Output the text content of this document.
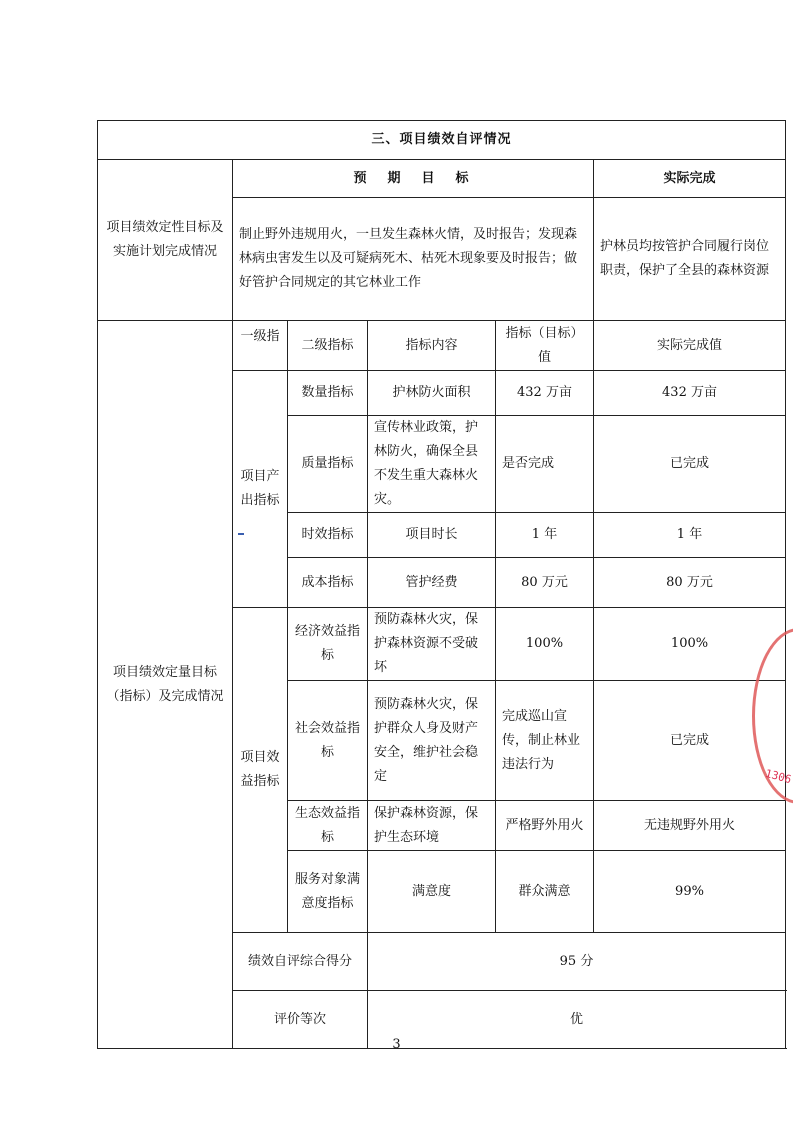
三、项目绩效自评情况					
项目绩效定性目标及实施计划完成情况	预　期　目　标				实际完成
	制止野外违规用火，一旦发生森林火情，及时报告；发现森林病虫害发生以及可疑病死木、枯死木现象要及时报告；做好管护合同规定的其它林业工作				护林员均按管护合同履行岗位职责，保护了全县的森林资源
项目绩效定量目标（指标）及完成情况	一级指	二级指标	指标内容	指标（目标）值	实际完成值
	项目产出指标	数量指标	护林防火面积	432 万亩	432 万亩
		质量指标	宣传林业政策，护林防火，确保全县不发生重大森林火灾。	是否完成	已完成
		时效指标	项目时长	1 年	1 年
		成本指标	管护经费	80 万元	80 万元
	项目效益指标	经济效益指标	预防森林火灾，保护森林资源不受破坏	100%	100%
		社会效益指标	预防森林火灾，保护群众人身及财产安全，维护社会稳定	完成巡山宣传，制止林业违法行为	已完成
		生态效益指标	保护森林资源，保护生态环境	严格野外用火	无违规野外用火
		服务对象满意度指标	满意度	群众满意	99%
	绩效自评综合得分		95 分		
	评价等次		优		
1306
3
